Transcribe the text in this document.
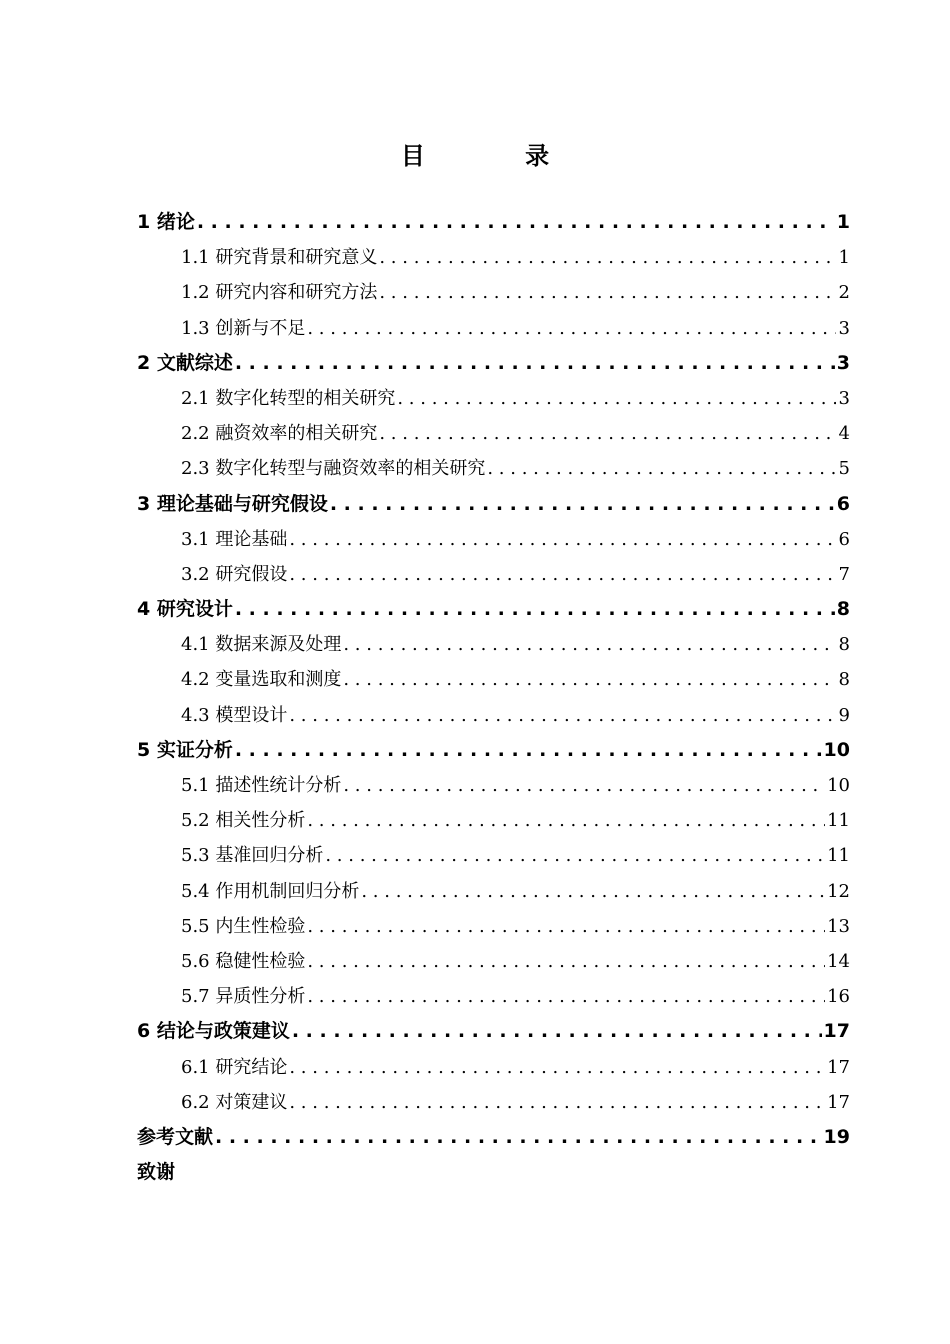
目 录
1 绪论 . . .	1
1.1 研究背景和研究意义 . . .	1
1.2 研究内容和研究方法 . . .	2
1.3 创新与不足 . . .	3
2 文献综述 . . .	3
2.1 数字化转型的相关研究 . . .	3
2.2 融资效率的相关研究 . . .	4
2.3 数字化转型与融资效率的相关研究 . . .	5
3 理论基础与研究假设 . . .	6
3.1 理论基础 . . .	6
3.2 研究假设 . . .	7
4 研究设计 . . .	8
4.1 数据来源及处理 . . .	8
4.2 变量选取和测度 . . .	8
4.3 模型设计 . . .	9
5 实证分析 . . .	10
5.1 描述性统计分析 . . .	10
5.2 相关性分析 . . .	11
5.3 基准回归分析 . . .	11
5.4 作用机制回归分析 . . .	12
5.5 内生性检验 . . .	13
5.6 稳健性检验 . . .	14
5.7 异质性分析 . . .	16
6 结论与政策建议 . . .	17
6.1 研究结论 . . .	17
6.2 对策建议 . . .	17
参考文献 . . .	19
致谢
